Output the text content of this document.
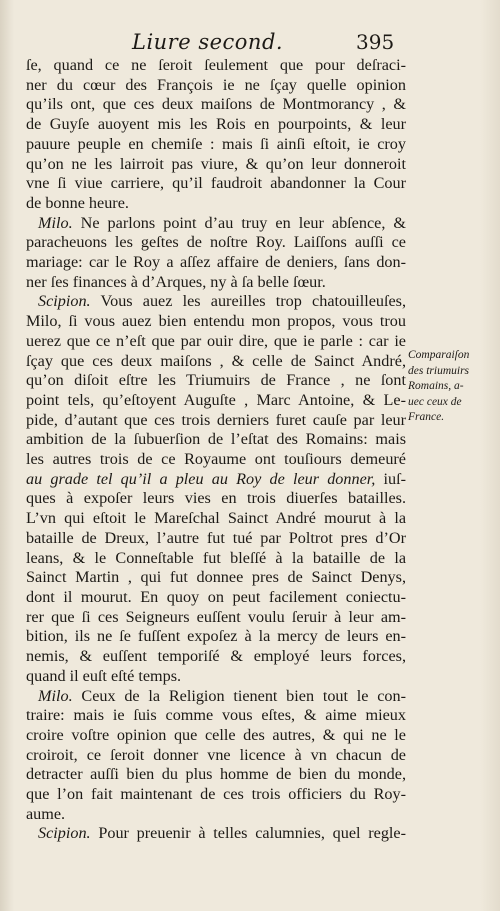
Liure second.	395
ſe, quand ce ne ſeroit ſeulement que pour deſraci-
ner du cœur des François ie ne ſçay quelle opinion
qu’ils ont, que ces deux maiſons de Montmorancy , &
de Guyſe auoyent mis les Rois en pourpoints, & leur
pauure peuple en chemiſe : mais ſi ainſi eſtoit, ie croy
qu’on ne les lairroit pas viure, & qu’on leur donneroit
vne ſi viue carriere, qu’il faudroit abandonner la Cour
de bonne heure.
Milo. Ne parlons point d’au truy en leur abſence, &
paracheuons les geſtes de noſtre Roy. Laiſſons auſſi ce
mariage: car le Roy a aſſez affaire de deniers, ſans don-
ner ſes finances à d’Arques, ny à ſa belle ſœur.
Scipion. Vous auez les aureilles trop chatouilleuſes,
Milo, ſi vous auez bien entendu mon propos, vous trou
uerez que ce n’eſt que par ouir dire, que ie parle : car ie
ſçay que ces deux maiſons , & celle de Sainct André,
qu’on diſoit eſtre les Triumuirs de France , ne ſont
point tels, qu’eſtoyent Auguſte , Marc Antoine, & Le-
pide, d’autant que ces trois derniers furet cauſe par leur
ambition de la ſubuerſion de l’eſtat des Romains: mais
les autres trois de ce Royaume ont touſiours demeuré
au grade tel qu’il a pleu au Roy de leur donner, iuſ-
ques à expoſer leurs vies en trois diuerſes batailles.
L’vn qui eſtoit le Mareſchal Sainct André mourut à la
bataille de Dreux, l’autre fut tué par Poltrot pres d’Or
leans, & le Conneſtable fut bleſſé à la bataille de la
Sainct Martin , qui fut donnee pres de Sainct Denys,
dont il mourut. En quoy on peut facilement coniectu-
rer que ſi ces Seigneurs euſſent voulu ſeruir à leur am-
bition, ils ne ſe fuſſent expoſez à la mercy de leurs en-
nemis, & euſſent temporiſé & employé leurs forces,
quand il euſt eſté temps.
Milo. Ceux de la Religion tienent bien tout le con-
traire: mais ie ſuis comme vous eſtes, & aime mieux
croire voſtre opinion que celle des autres, & qui ne le
croiroit, ce ſeroit donner vne licence à vn chacun de
detracter auſſi bien du plus homme de bien du monde,
que l’on fait maintenant de ces trois officiers du Roy-
aume.
Scipion. Pour preuenir à telles calumnies, quel regle-
Comparaiſon
des triumuirs
Romains, a-
uec ceux de
France.
